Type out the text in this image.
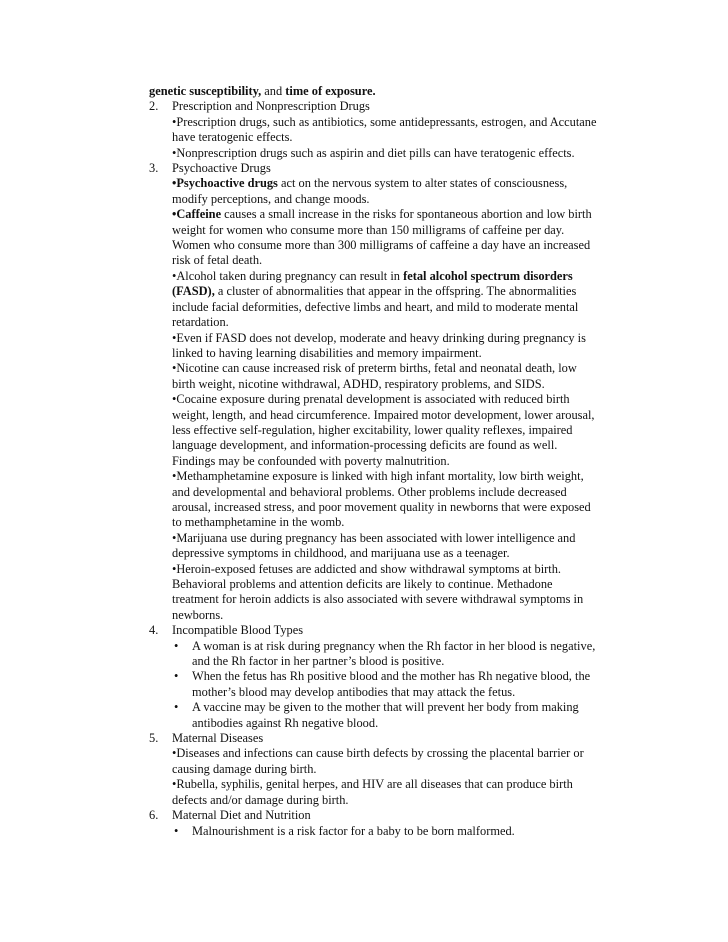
genetic susceptibility, and time of exposure.
2. Prescription and Nonprescription Drugs
•Prescription drugs, such as antibiotics, some antidepressants, estrogen, and Accutane
have teratogenic effects.
•Nonprescription drugs such as aspirin and diet pills can have teratogenic effects.
3. Psychoactive Drugs
•Psychoactive drugs act on the nervous system to alter states of consciousness,
modify perceptions, and change moods.
•Caffeine causes a small increase in the risks for spontaneous abortion and low birth
weight for women who consume more than 150 milligrams of caffeine per day.
Women who consume more than 300 milligrams of caffeine a day have an increased
risk of fetal death.
•Alcohol taken during pregnancy can result in fetal alcohol spectrum disorders
(FASD), a cluster of abnormalities that appear in the offspring. The abnormalities
include facial deformities, defective limbs and heart, and mild to moderate mental
retardation.
•Even if FASD does not develop, moderate and heavy drinking during pregnancy is
linked to having learning disabilities and memory impairment.
•Nicotine can cause increased risk of preterm births, fetal and neonatal death, low
birth weight, nicotine withdrawal, ADHD, respiratory problems, and SIDS.
•Cocaine exposure during prenatal development is associated with reduced birth
weight, length, and head circumference. Impaired motor development, lower arousal,
less effective self-regulation, higher excitability, lower quality reflexes, impaired
language development, and information-processing deficits are found as well.
Findings may be confounded with poverty malnutrition.
•Methamphetamine exposure is linked with high infant mortality, low birth weight,
and developmental and behavioral problems. Other problems include decreased
arousal, increased stress, and poor movement quality in newborns that were exposed
to methamphetamine in the womb.
•Marijuana use during pregnancy has been associated with lower intelligence and
depressive symptoms in childhood, and marijuana use as a teenager.
•Heroin-exposed fetuses are addicted and show withdrawal symptoms at birth.
Behavioral problems and attention deficits are likely to continue. Methadone
treatment for heroin addicts is also associated with severe withdrawal symptoms in
newborns.
4. Incompatible Blood Types
• A woman is at risk during pregnancy when the Rh factor in her blood is negative,
and the Rh factor in her partner’s blood is positive.
• When the fetus has Rh positive blood and the mother has Rh negative blood, the
mother’s blood may develop antibodies that may attack the fetus.
• A vaccine may be given to the mother that will prevent her body from making
antibodies against Rh negative blood.
5. Maternal Diseases
•Diseases and infections can cause birth defects by crossing the placental barrier or
causing damage during birth.
•Rubella, syphilis, genital herpes, and HIV are all diseases that can produce birth
defects and/or damage during birth.
6. Maternal Diet and Nutrition
• Malnourishment is a risk factor for a baby to be born malformed.
